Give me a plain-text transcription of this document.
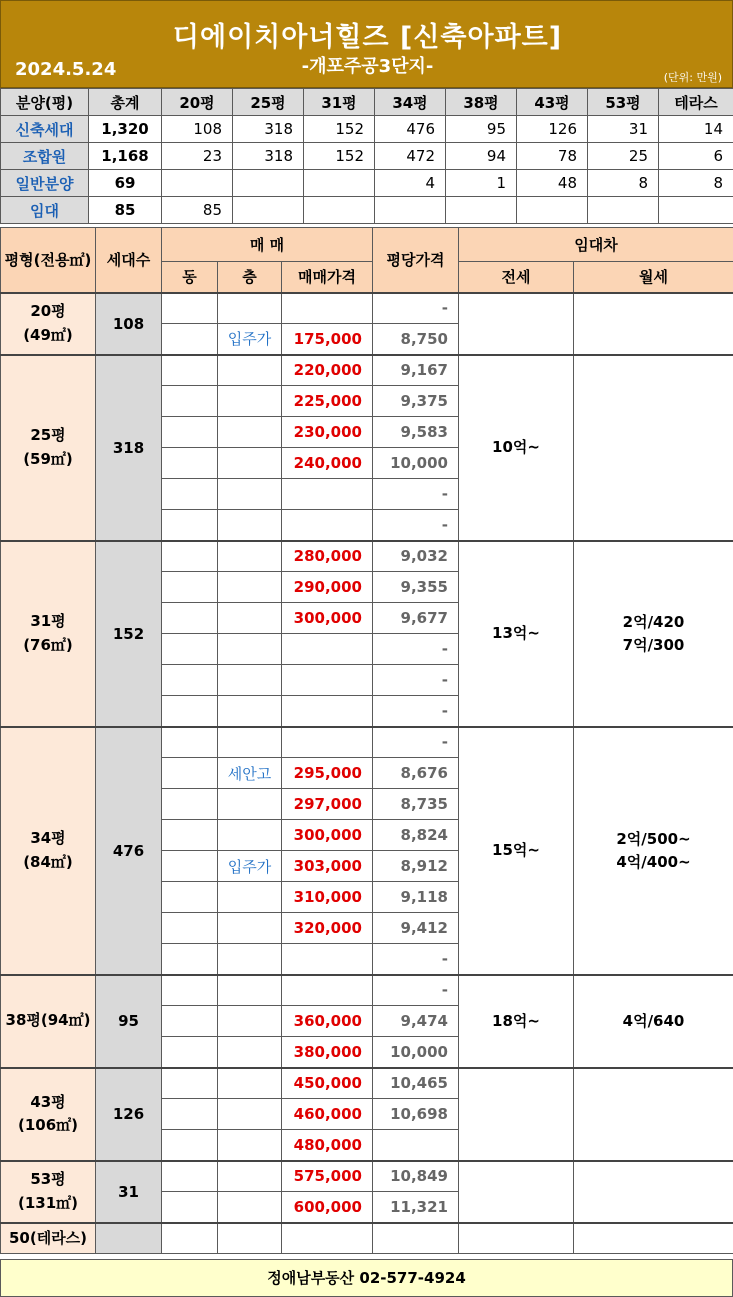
디에이치아너힐즈 [신축아파트]
-개포주공3단지-
2024.5.24	(단위: 만원)
분양(평)	총계	20평	25평	31평	34평	38평	43평	53평	테라스
신축세대	1,320	108	318	152	476	95	126	31	14
조합원	1,168	23	318	152	472	94	78	25	6
일반분양	69				4	1	48	8	8
임대	85	85							
평형(전용㎡)	세대수	매 매			평당가격	임대차	
		동	층	매매가격		전세	월세
20평
(49㎡)	108				-		
			입주가	175,000	8,750		
25평
(59㎡)	318			220,000	9,167	10억~	
				225,000	9,375		
				230,000	9,583		
				240,000	10,000		
					-		
					-		
31평
(76㎡)	152			280,000	9,032	13억~	2억/420
7억/300
				290,000	9,355		
				300,000	9,677		
					-		
					-		
					-		
34평
(84㎡)	476				-	15억~	2억/500~
4억/400~
			세안고	295,000	8,676		
				297,000	8,735		
				300,000	8,824		
			입주가	303,000	8,912		
				310,000	9,118		
				320,000	9,412		
					-		
38평(94㎡)	95				-	18억~	4억/640
				360,000	9,474		
				380,000	10,000		
43평
(106㎡)	126			450,000	10,465		
				460,000	10,698		
				480,000			
53평
(131㎡)	31			575,000	10,849		
				600,000	11,321		
50(테라스)							
정애남부동산 02-577-4924
